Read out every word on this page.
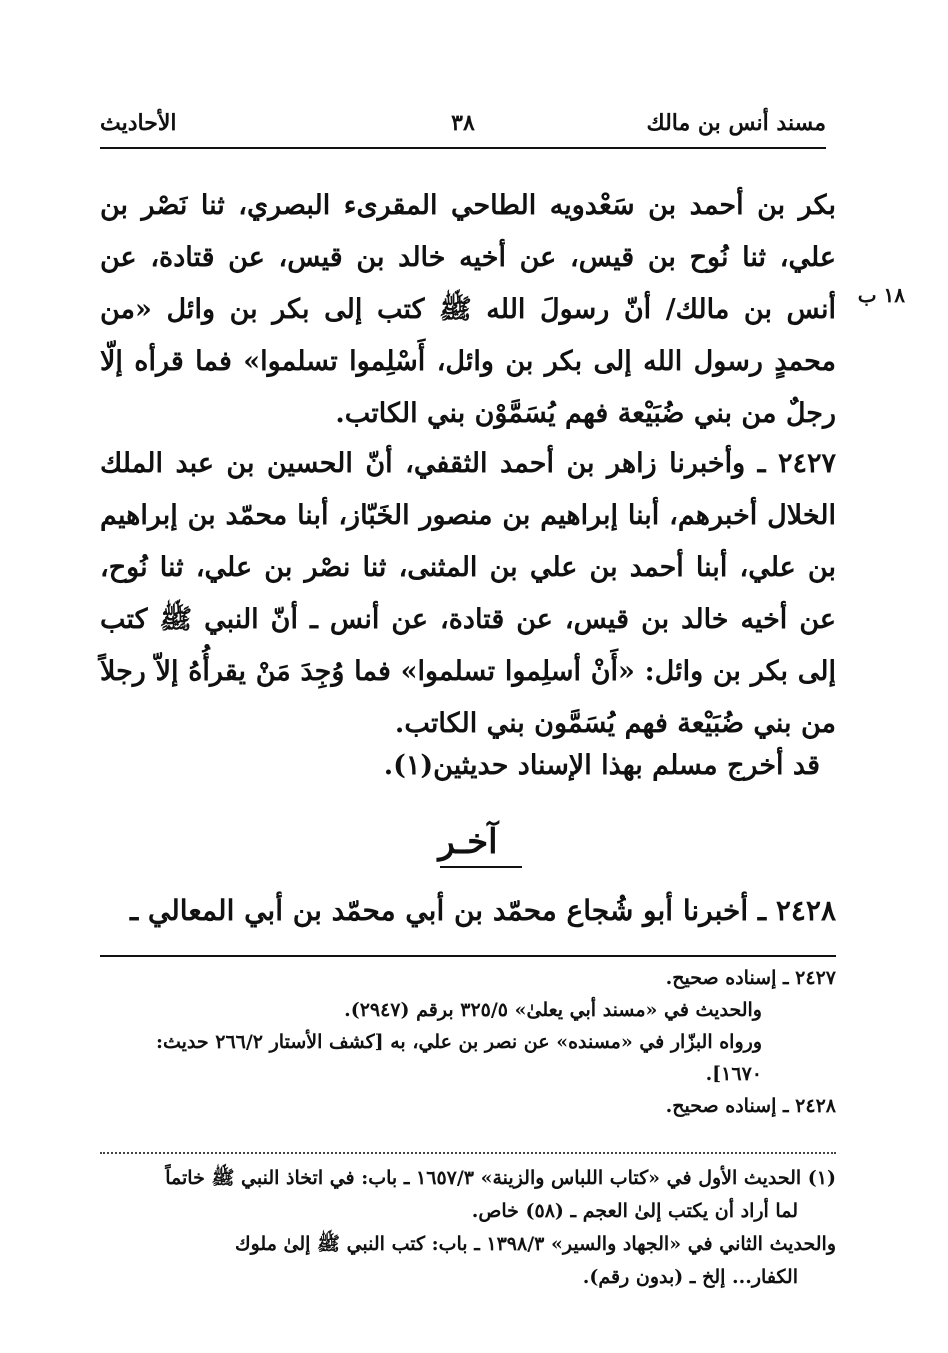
مسند أنس بن مالك
٣٨
الأحاديث
١٨ ب
بكر بن أحمد بن سَعْدويه الطاحي المقرىء البصري، ثنا نَصْر بن علي، ثنا نُوح بن قيس، عن أخيه خالد بن قيس، عن قتادة، عن أنس بن مالك/ أنّ رسولَ الله ﷺ كتب إلى بكر بن وائل «من محمدٍ رسول الله إلى بكر بن وائل، أَسْلِموا تسلموا» فما قرأه إلّا رجلٌ من بني ضُبَيْعة فهم يُسَمَّوْن بني الكاتب.
٢٤٢٧ ـ وأخبرنا زاهر بن أحمد الثقفي، أنّ الحسين بن عبد الملك الخلال أخبرهم، أبنا إبراهيم بن منصور الخَبّاز، أبنا محمّد بن إبراهيم بن علي، أبنا أحمد بن علي بن المثنى، ثنا نصْر بن علي، ثنا نُوح، عن أخيه خالد بن قيس، عن قتادة، عن أنس ـ أنّ النبي ﷺ كتب إلى بكر بن وائل: «أَنْ أسلِموا تسلموا» فما وُجِدَ مَنْ يقرأُهُ إلاّ رجلاً من بني ضُبَيْعة فهم يُسَمَّون بني الكاتب.
قد أخرج مسلم بهذا الإسناد حديثين(١).
آخـر
٢٤٢٨ ـ أخبرنا أبو شُجاع محمّد بن أبي محمّد بن أبي المعالي ـ
٢٤٢٧ ـ إسناده صحيح.
والحديث في «مسند أبي يعلىٰ» ٣٢٥/٥ برقم (٢٩٤٧).
ورواه البزّار في «مسنده» عن نصر بن علي، به [كشف الأستار ٢٦٦/٢ حديث:
١٦٧٠].
٢٤٢٨ ـ إسناده صحيح.
(١) الحديث الأول في «كتاب اللباس والزينة» ١٦٥٧/٣ ـ باب: في اتخاذ النبي ﷺ خاتماً
لما أراد أن يكتب إلىٰ العجم ـ (٥٨) خاص.
والحديث الثاني في «الجهاد والسير» ١٣٩٨/٣ ـ باب: كتب النبي ﷺ إلىٰ ملوك
الكفار... إلخ ـ (بدون رقم).
